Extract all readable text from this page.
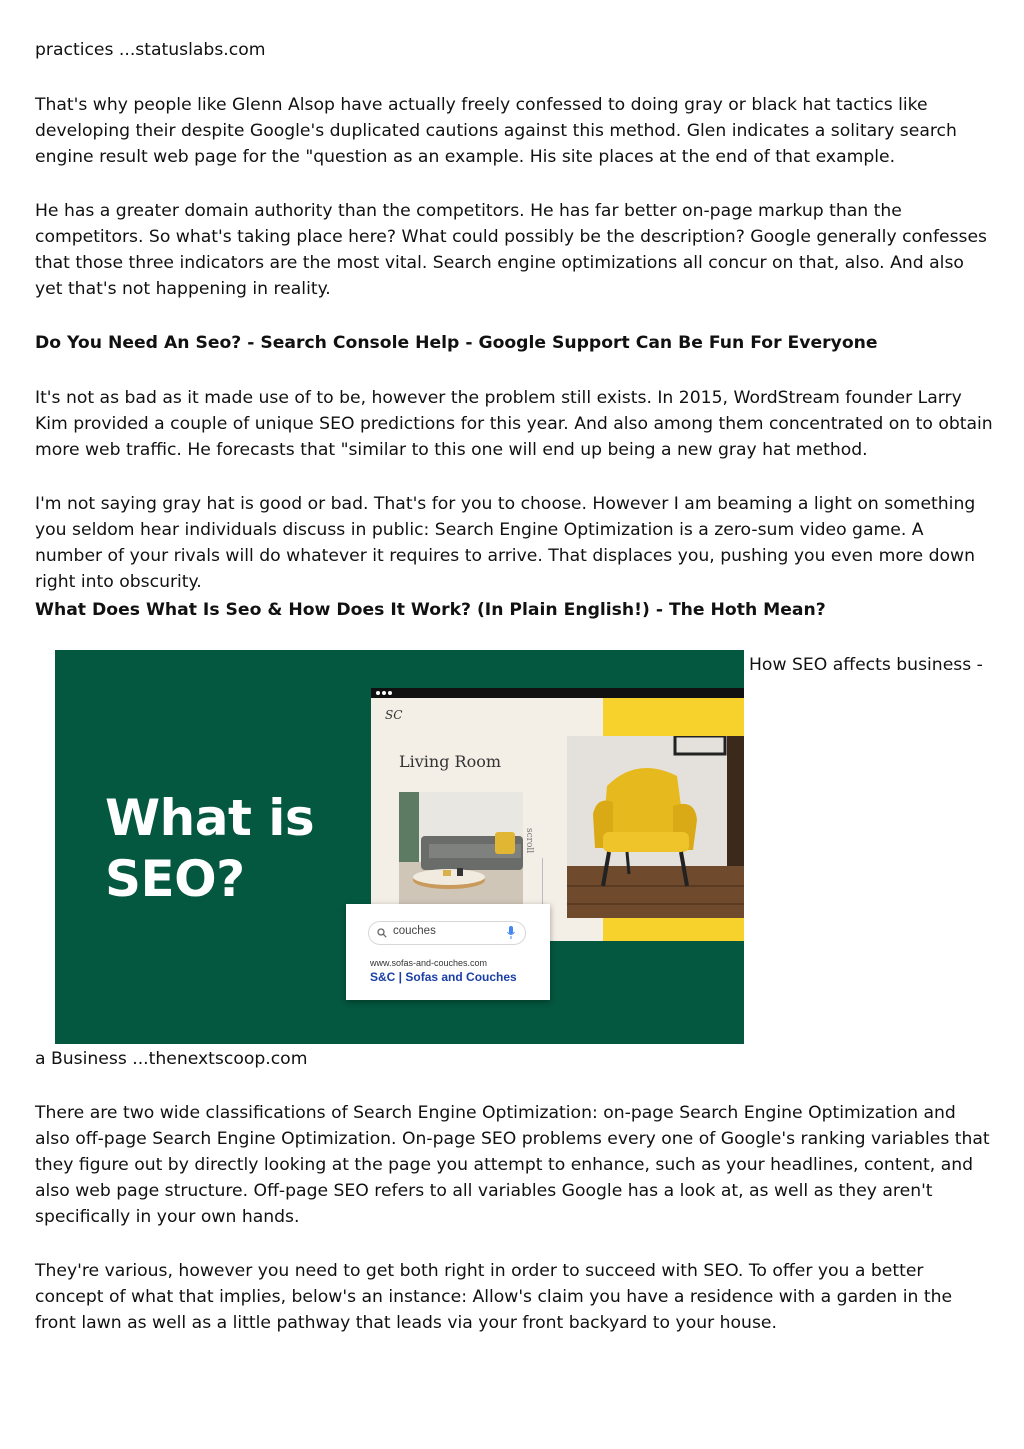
practices ...statuslabs.com

That's why people like Glenn Alsop have actually freely confessed to doing gray or black hat tactics like developing their despite Google's duplicated cautions against this method. Glen indicates a solitary search engine result web page for the "question as an example. His site places at the end of that example.

He has a greater domain authority than the competitors. He has far better on-page markup than the competitors. So what's taking place here? What could possibly be the description? Google generally confesses that those three indicators are the most vital. Search engine optimizations all concur on that, also. And also yet that's not happening in reality.

Do You Need An Seo? - Search Console Help - Google Support Can Be Fun For Everyone

It's not as bad as it made use of to be, however the problem still exists. In 2015, WordStream founder Larry Kim provided a couple of unique SEO predictions for this year. And also among them concentrated on to obtain more web traffic. He forecasts that "similar to this one will end up being a new gray hat method.

I'm not saying gray hat is good or bad. That's for you to choose. However I am beaming a light on something you seldom hear individuals discuss in public: Search Engine Optimization is a zero-sum video game. A number of your rivals will do whatever it requires to arrive. That displaces you, pushing you even more down right into obscurity.

What Does What Is Seo & How Does It Work? (In Plain English!) - The Hoth Mean?

What is
SEO?
SC
Living Room
scroll
couches
www.sofas-and-couches.com
S&C | Sofas and Couches

How SEO affects business -

a Business ...thenextscoop.com

There are two wide classifications of Search Engine Optimization: on-page Search Engine Optimization and also off-page Search Engine Optimization. On-page SEO problems every one of Google's ranking variables that they figure out by directly looking at the page you attempt to enhance, such as your headlines, content, and also web page structure. Off-page SEO refers to all variables Google has a look at, as well as they aren't specifically in your own hands.

They're various, however you need to get both right in order to succeed with SEO. To offer you a better concept of what that implies, below's an instance: Allow's claim you have a residence with a garden in the front lawn as well as a little pathway that leads via your front backyard to your house.
